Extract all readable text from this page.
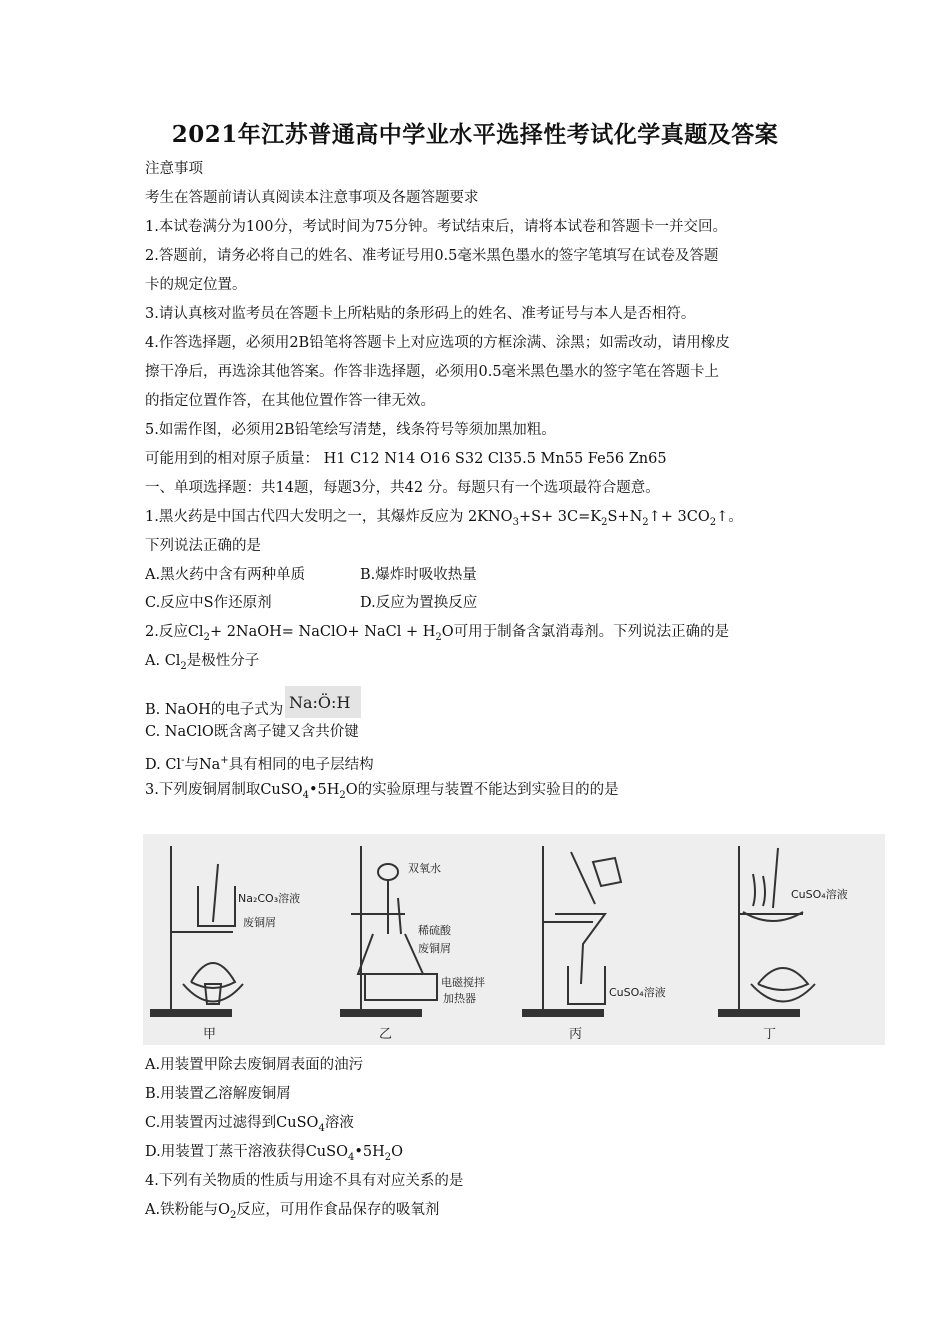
2021年江苏普通高中学业水平选择性考试化学真题及答案
注意事项
考生在答题前请认真阅读本注意事项及各题答题要求
1.本试卷满分为100分，考试时间为75分钟。考试结束后，请将本试卷和答题卡一并交回。
2.答题前，请务必将自己的姓名、准考证号用0.5毫米黑色墨水的签字笔填写在试卷及答题
卡的规定位置。
3.请认真核对监考员在答题卡上所粘贴的条形码上的姓名、准考证号与本人是否相符。
4.作答选择题，必须用2B铅笔将答题卡上对应选项的方框涂满、涂黑；如需改动，请用橡皮
擦干净后，再选涂其他答案。作答非选择题，必须用0.5毫米黑色墨水的签字笔在答题卡上
的指定位置作答，在其他位置作答一律无效。
5.如需作图，必须用2B铅笔绘写清楚，线条符号等须加黑加粗。
可能用到的相对原子质量： H1 C12 N14 O16 S32 Cl35.5 Mn55 Fe56 Zn65
一、单项选择题：共14题，每题3分，共42 分。每题只有一个选项最符合题意。
1.黑火药是中国古代四大发明之一，其爆炸反应为 $2KNO_3+S+$ $3C=K_2S+N_2↑+$ $3CO_2↑$。
下列说法正确的是
A.黑火药中含有两种单质	B.爆炸时吸收热量
C.反应中S作还原剂	D.反应为置换反应
2.反应$Cl_2+$ 2NaOH= NaClO+ NaCl + $H_2O$可用于制备含氯消毒剂。下列说法正确的是
A. $Cl_2$是极性分子
B. NaOH的电子式为 Na:Ö:H
C. NaClO既含离子键又含共价键
D. Cl-与Na+具有相同的电子层结构
3.下列废铜屑制取$CuSO_4•5H_2O$的实验原理与装置不能达到实验目的的是
Na₂CO₃溶液
废铜屑
双氧水
稀硫酸
废铜屑
电磁搅拌
加热器	CuSO₄溶液
CuSO₄溶液
甲	乙	丙	丁
A.用装置甲除去废铜屑表面的油污
B.用装置乙溶解废铜屑
C.用装置丙过滤得到CuSO$_4$溶液
D.用装置丁蒸干溶液获得$CuSO_4•5H_2O$
4.下列有关物质的性质与用途不具有对应关系的是
A.铁粉能与$O_2$反应，可用作食品保存的吸氧剂
